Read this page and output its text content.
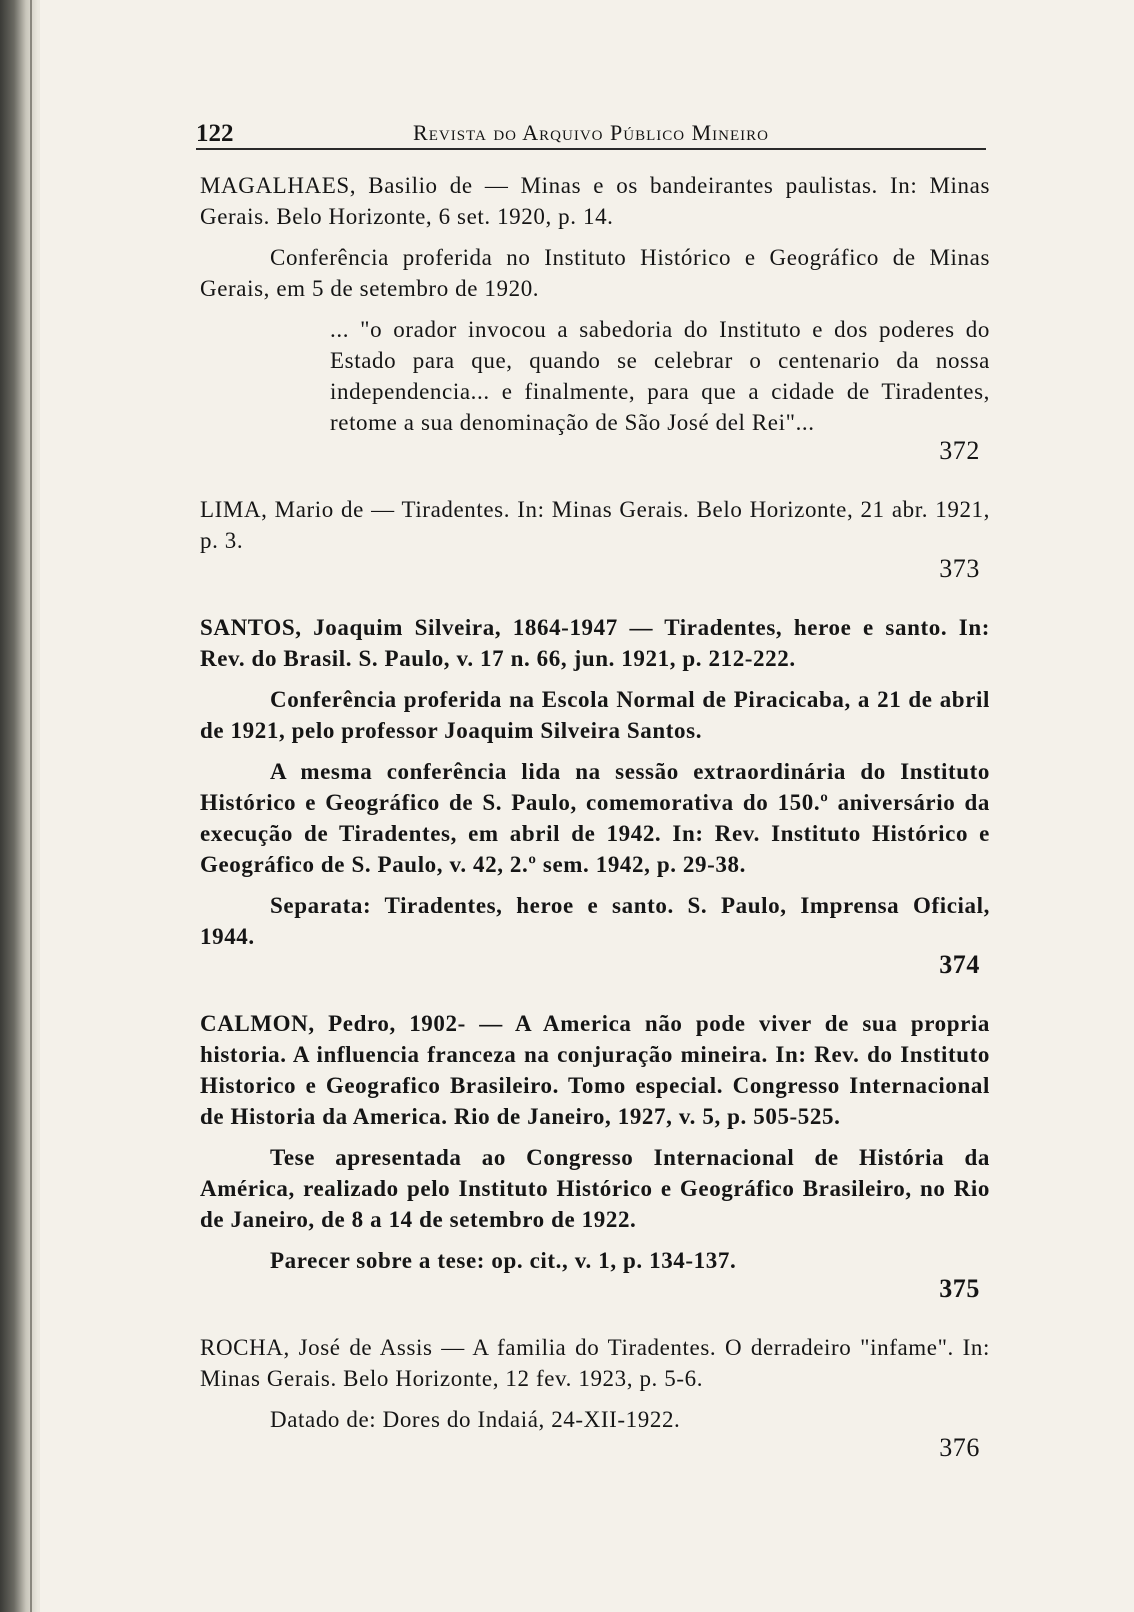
122	Revista do Arquivo Público Mineiro

MAGALHAES, Basilio de — Minas e os bandeirantes paulistas. In: Minas Gerais. Belo Horizonte, 6 set. 1920, p. 14.

Conferência proferida no Instituto Histórico e Geográfico de Minas Gerais, em 5 de setembro de 1920.

... "o orador invocou a sabedoria do Instituto e dos poderes do Estado para que, quando se celebrar o centenario da nossa independencia... e finalmente, para que a cidade de Tiradentes, retome a sua denominação de São José del Rei"...

372

LIMA, Mario de — Tiradentes. In: Minas Gerais. Belo Horizonte, 21 abr. 1921, p. 3.

373

SANTOS, Joaquim Silveira, 1864-1947 — Tiradentes, heroe e santo. In: Rev. do Brasil. S. Paulo, v. 17 n. 66, jun. 1921, p. 212-222.

Conferência proferida na Escola Normal de Piracicaba, a 21 de abril de 1921, pelo professor Joaquim Silveira Santos.

A mesma conferência lida na sessão extraordinária do Instituto Histórico e Geográfico de S. Paulo, comemorativa do 150.º aniversário da execução de Tiradentes, em abril de 1942. In: Rev. Instituto Histórico e Geográfico de S. Paulo, v. 42, 2.º sem. 1942, p. 29-38.

Separata: Tiradentes, heroe e santo. S. Paulo, Imprensa Oficial, 1944.

374

CALMON, Pedro, 1902- — A America não pode viver de sua propria historia. A influencia franceza na conjuração mineira. In: Rev. do Instituto Historico e Geografico Brasileiro. Tomo especial. Congresso Internacional de Historia da America. Rio de Janeiro, 1927, v. 5, p. 505-525.

Tese apresentada ao Congresso Internacional de História da América, realizado pelo Instituto Histórico e Geográfico Brasileiro, no Rio de Janeiro, de 8 a 14 de setembro de 1922.

Parecer sobre a tese: op. cit., v. 1, p. 134-137.

375

ROCHA, José de Assis — A familia do Tiradentes. O derradeiro "infame". In: Minas Gerais. Belo Horizonte, 12 fev. 1923, p. 5-6.

Datado de: Dores do Indaiá, 24-XII-1922.

376
